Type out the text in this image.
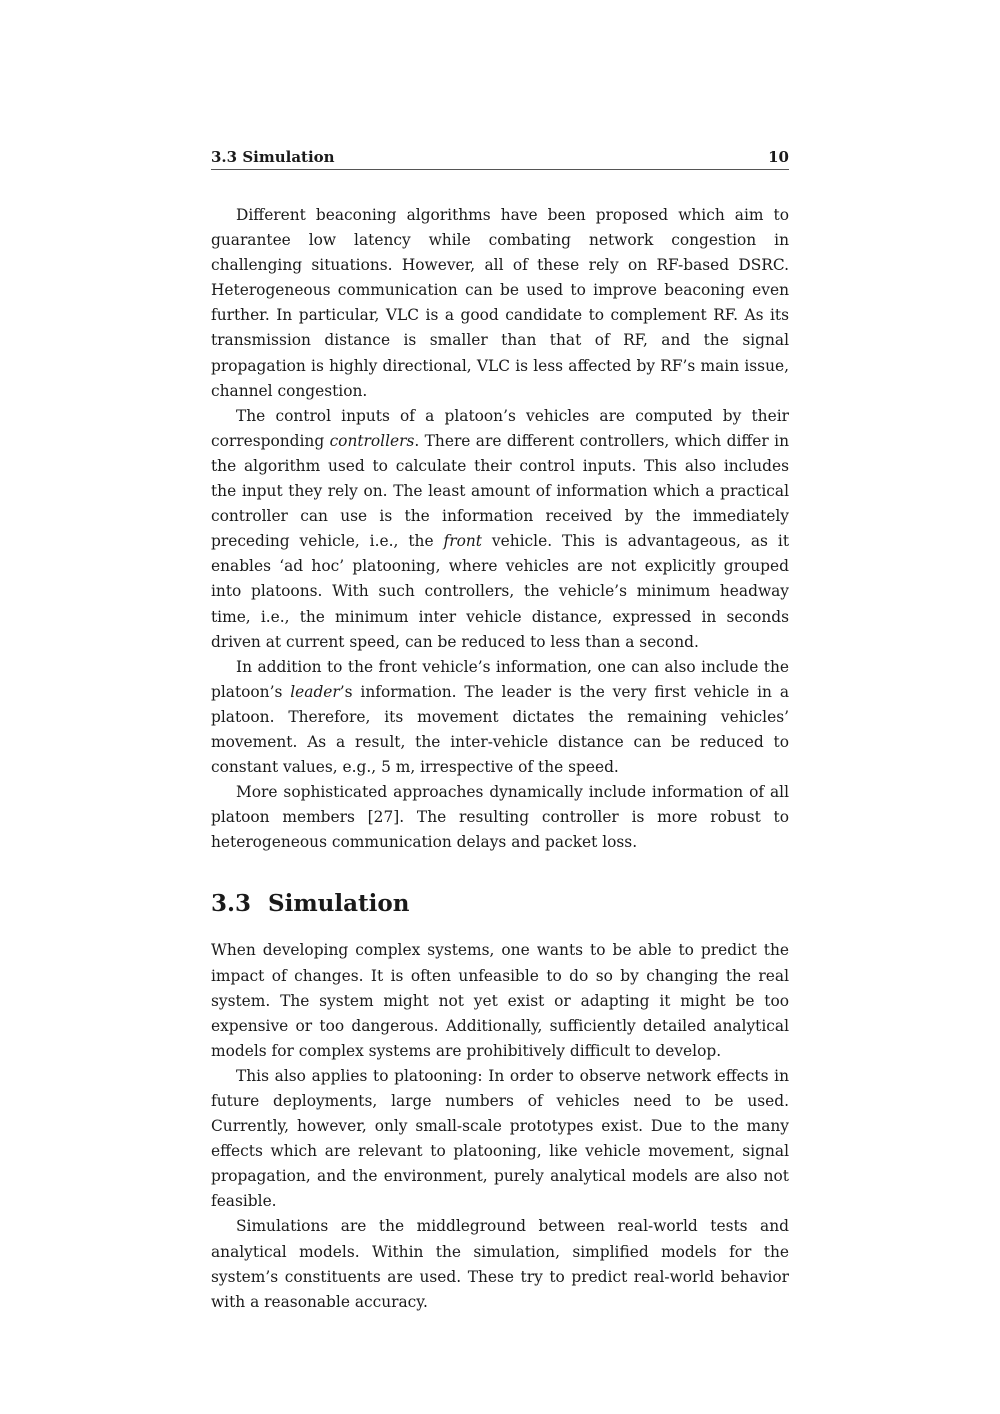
3.3 Simulation	10

Different beaconing algorithms have been proposed which aim to guarantee low latency while combating network congestion in challenging situations. However, all of these rely on RF-based DSRC. Heterogeneous communication can be used to improve beaconing even further. In particular, VLC is a good candidate to complement RF. As its transmission distance is smaller than that of RF, and the signal propagation is highly directional, VLC is less affected by RF’s main issue, channel congestion.

The control inputs of a platoon’s vehicles are computed by their corresponding controllers. There are different controllers, which differ in the algorithm used to calculate their control inputs. This also includes the input they rely on. The least amount of information which a practical controller can use is the information received by the immediately preceding vehicle, i.e., the front vehicle. This is advantageous, as it enables ‘ad hoc’ platooning, where vehicles are not explicitly grouped into platoons. With such controllers, the vehicle’s minimum headway time, i.e., the minimum inter vehicle distance, expressed in seconds driven at current speed, can be reduced to less than a second.

In addition to the front vehicle’s information, one can also include the platoon’s leader’s information. The leader is the very first vehicle in a platoon. Therefore, its movement dictates the remaining vehicles’ movement. As a result, the inter-vehicle distance can be reduced to constant values, e.g., 5 m, irrespective of the speed.

More sophisticated approaches dynamically include information of all platoon members [27]. The resulting controller is more robust to heterogeneous communication delays and packet loss.

3.3 Simulation

When developing complex systems, one wants to be able to predict the impact of changes. It is often unfeasible to do so by changing the real system. The system might not yet exist or adapting it might be too expensive or too dangerous. Additionally, sufficiently detailed analytical models for complex systems are prohibitively difficult to develop.

This also applies to platooning: In order to observe network effects in future deployments, large numbers of vehicles need to be used. Currently, however, only small-scale prototypes exist. Due to the many effects which are relevant to platooning, like vehicle movement, signal propagation, and the environment, purely analytical models are also not feasible.

Simulations are the middleground between real-world tests and analytical models. Within the simulation, simplified models for the system’s constituents are used. These try to predict real-world behavior with a reasonable accuracy.
